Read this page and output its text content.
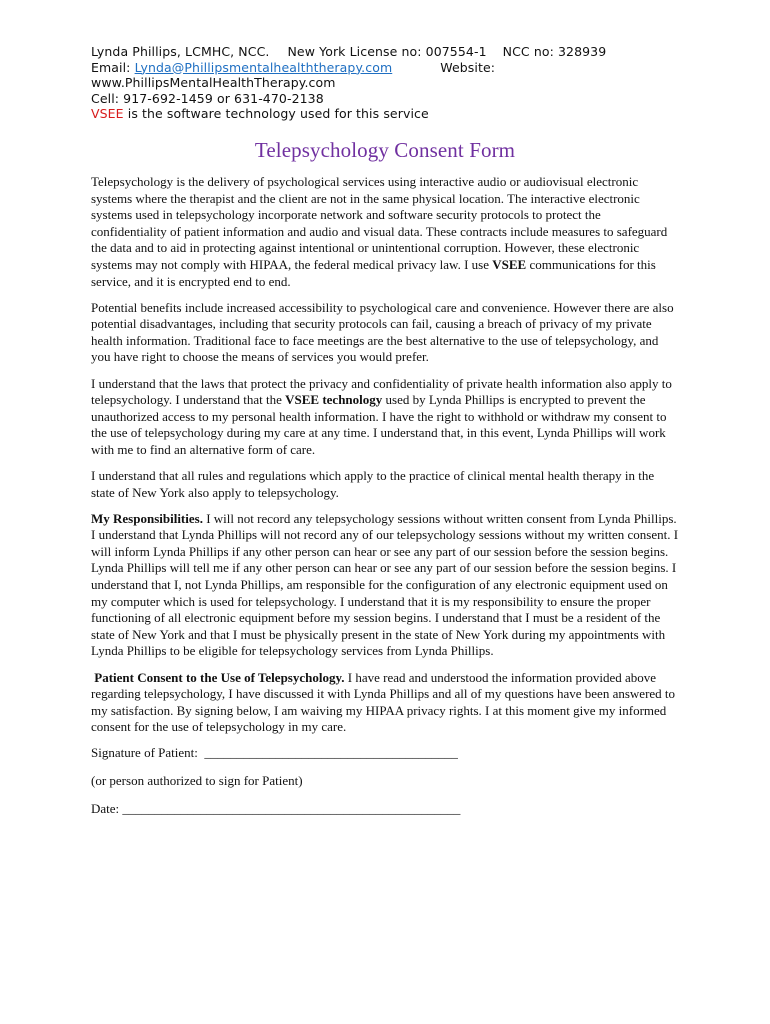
Lynda Phillips, LCMHC, NCC. New York License no: 007554-1 NCC no: 328939
Email: Lynda@Phillipsmentalhealththerapy.com	Website:
www.PhillipsMentalHealthTherapy.com
Cell: 917-692-1459 or 631-470-2138
VSEE is the software technology used for this service
Telepsychology Consent Form

Telepsychology is the delivery of psychological services using interactive audio or audiovisual electronic systems where the therapist and the client are not in the same physical location. The interactive electronic systems used in telepsychology incorporate network and software security protocols to protect the confidentiality of patient information and audio and visual data. These contracts include measures to safeguard the data and to aid in protecting against intentional or unintentional corruption. However, these electronic systems may not comply with HIPAA, the federal medical privacy law. I use VSEE communications for this service, and it is encrypted end to end.

Potential benefits include increased accessibility to psychological care and convenience. However there are also potential disadvantages, including that security protocols can fail, causing a breach of privacy of my private health information. Traditional face to face meetings are the best alternative to the use of telepsychology, and you have right to choose the means of services you would prefer.

I understand that the laws that protect the privacy and confidentiality of private health information also apply to telepsychology. I understand that the VSEE technology used by Lynda Phillips is encrypted to prevent the unauthorized access to my personal health information. I have the right to withhold or withdraw my consent to the use of telepsychology during my care at any time. I understand that, in this event, Lynda Phillips will work with me to find an alternative form of care.

I understand that all rules and regulations which apply to the practice of clinical mental health therapy in the state of New York also apply to telepsychology.

My Responsibilities. I will not record any telepsychology sessions without written consent from Lynda Phillips. I understand that Lynda Phillips will not record any of our telepsychology sessions without my written consent. I will inform Lynda Phillips if any other person can hear or see any part of our session before the session begins. Lynda Phillips will tell me if any other person can hear or see any part of our session before the session begins. I understand that I, not Lynda Phillips, am responsible for the configuration of any electronic equipment used on my computer which is used for telepsychology. I understand that it is my responsibility to ensure the proper functioning of all electronic equipment before my session begins. I understand that I must be a resident of the state of New York and that I must be physically present in the state of New York during my appointments with Lynda Phillips to be eligible for telepsychology services from Lynda Phillips.

Patient Consent to the Use of Telepsychology. I have read and understood the information provided above regarding telepsychology, I have discussed it with Lynda Phillips and all of my questions have been answered to my satisfaction. By signing below, I am waiving my HIPAA privacy rights. I at this moment give my informed consent for the use of telepsychology in my care.

Signature of Patient:  _______________________________________

(or person authorized to sign for Patient)

Date: ____________________________________________________
